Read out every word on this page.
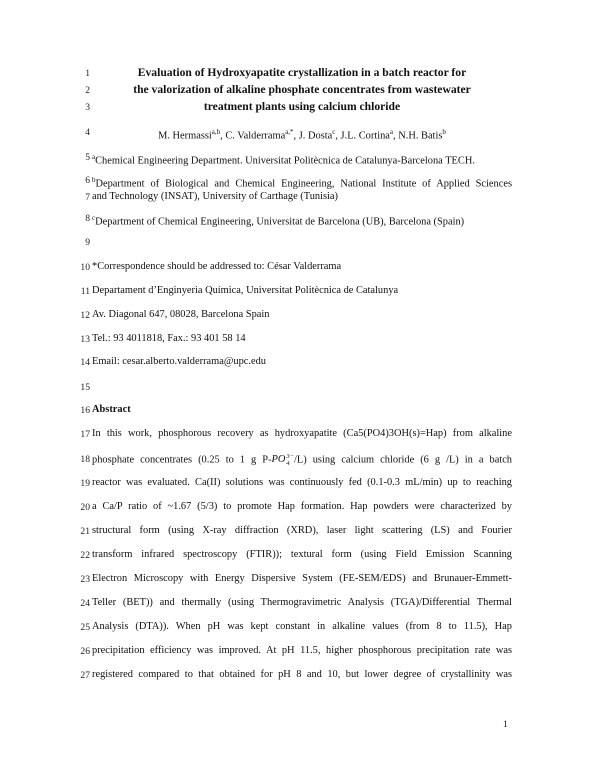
1
2
3
4
5
6
7
8
9
10
11
12
13
14
15
16
17
18
19
20
21
22
23
24
25
26
27
Evaluation of Hydroxyapatite crystallization in a batch reactor for
the valorization of alkaline phosphate concentrates from wastewater
treatment plants using calcium chloride
M. Hermassi$^{a,b}$, C. Valderrama$^{a,*}$, J. Dosta$^c$, J.L. Cortina$^a$, N.H. Batis$^b$
$^a$Chemical Engineering Department. Universitat Politècnica de Catalunya-Barcelona TECH.
$^b$Department of Biological and Chemical Engineering, National Institute of Applied Sciences
and Technology (INSAT), University of Carthage (Tunisia)
$^c$Department of Chemical Engineering, Universitat de Barcelona (UB), Barcelona (Spain)
*Correspondence should be addressed to: César Valderrama
Departament d’Enginyeria Química, Universitat Politècnica de Catalunya
Av. Diagonal 647, 08028, Barcelona Spain
Tel.: 93 4011818, Fax.: 93 401 58 14
Email: cesar.alberto.valderrama@upc.edu
Abstract
In this work, phosphorous recovery as hydroxyapatite (Ca5(PO4)3OH(s)=Hap) from alkaline
phosphate concentrates (0.25 to 1 g P-PO 3−
4 /L) using calcium chloride (6 g /L) in a batch
reactor was evaluated. Ca(II) solutions was continuously fed (0.1-0.3 mL/min) up to reaching
a Ca/P ratio of ~1.67 (5/3) to promote Hap formation. Hap powders were characterized by
structural form (using X-ray diffraction (XRD), laser light scattering (LS) and Fourier
transform infrared spectroscopy (FTIR)); textural form (using Field Emission Scanning
Electron Microscopy with Energy Dispersive System (FE-SEM/EDS) and Brunauer-Emmett-
Teller (BET)) and thermally (using Thermogravimetric Analysis (TGA)/Differential Thermal
Analysis (DTA)). When pH was kept constant in alkaline values (from 8 to 11.5), Hap
precipitation efficiency was improved. At pH 11.5, higher phosphorous precipitation rate was
registered compared to that obtained for pH 8 and 10, but lower degree of crystallinity was
1
